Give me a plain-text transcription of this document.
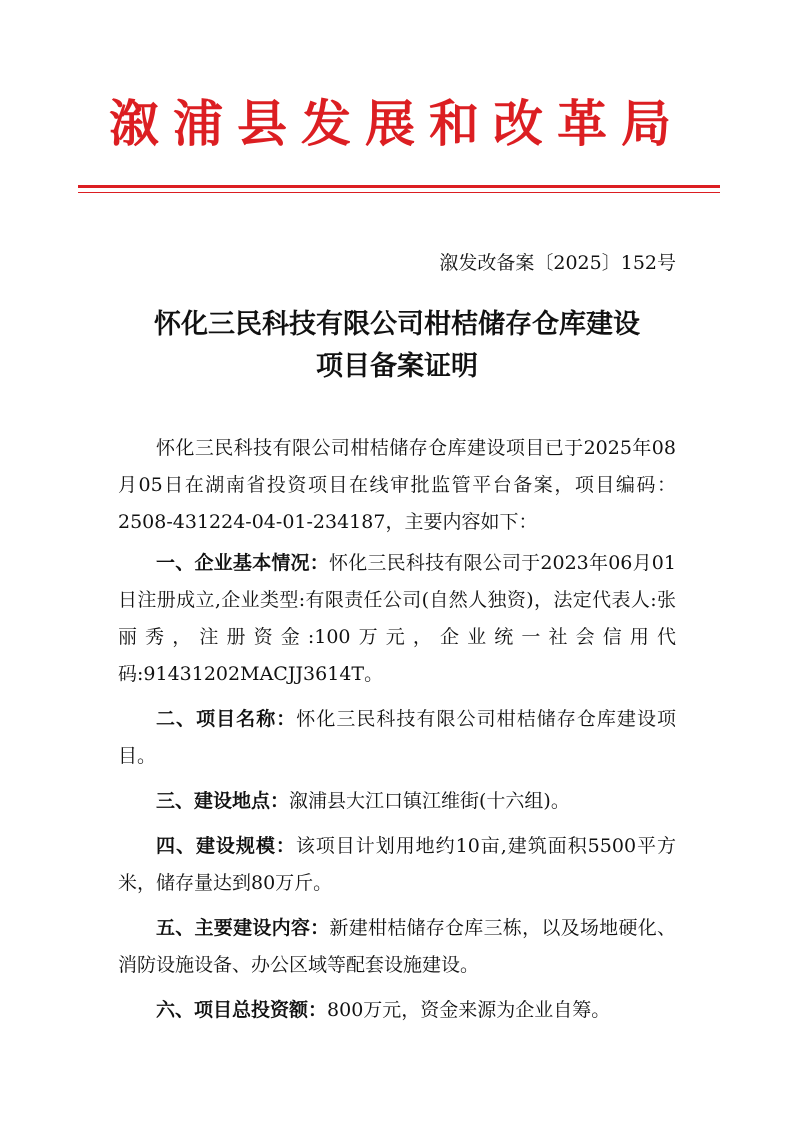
溆浦县发展和改革局
溆发改备案〔2025〕152号
怀化三民科技有限公司柑桔储存仓库建设
项目备案证明

怀化三民科技有限公司柑桔储存仓库建设项目已于2025年08月05日在湖南省投资项目在线审批监管平台备案，项目编码：2508-431224-04-01-234187，主要内容如下：

一、企业基本情况：怀化三民科技有限公司于2023年06月01日注册成立,企业类型:有限责任公司(自然人独资)，法定代表人:张丽秀，注册资金:100万元，企业统一社会信用代码:91431202MACJJ3614T。

二、项目名称：怀化三民科技有限公司柑桔储存仓库建设项目。

三、建设地点：溆浦县大江口镇江维街(十六组)。

四、建设规模：该项目计划用地约10亩,建筑面积5500平方米，储存量达到80万斤。

五、主要建设内容：新建柑桔储存仓库三栋，以及场地硬化、消防设施设备、办公区域等配套设施建设。

六、项目总投资额：800万元，资金来源为企业自筹。
